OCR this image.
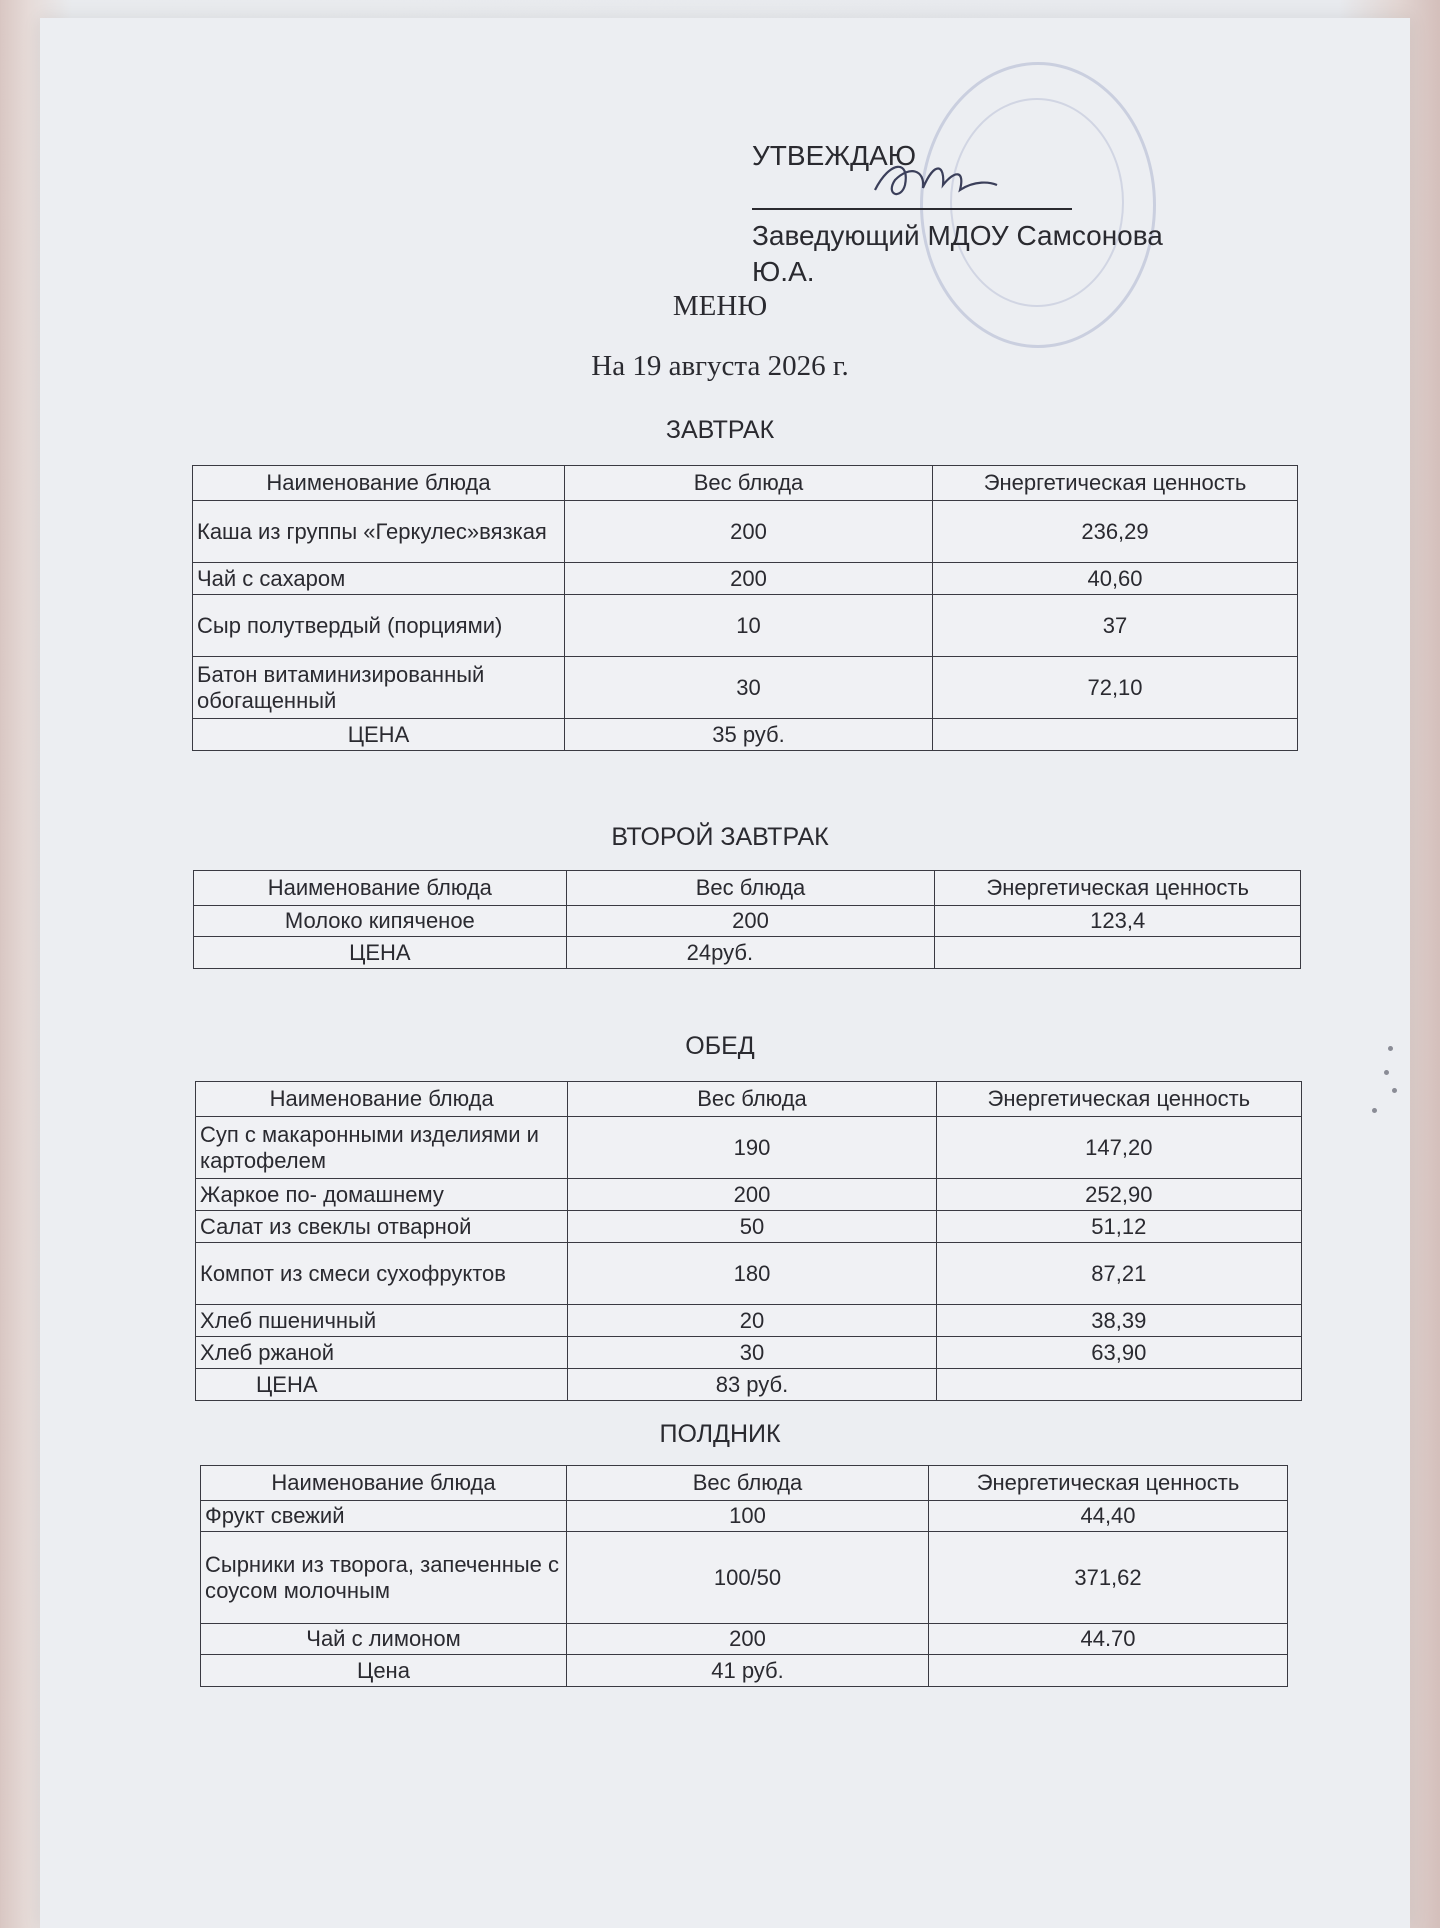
УТВЕЖДАЮ
Заведующий МДОУ Самсонова Ю.А.
МЕНЮ
На 19 августа 2026 г.
ЗАВТРАК
Наименование блюда	Вес блюда	Энергетическая ценность
Каша из группы «Геркулес»вязкая	200	236,29
Чай с сахаром	200	40,60
Сыр полутвердый (порциями)	10	37
Батон витаминизированный обогащенный	30	72,10
ЦЕНА	35 руб.	
ВТОРОЙ ЗАВТРАК
Наименование блюда	Вес блюда	Энергетическая ценность
Молоко кипяченое	200	123,4
ЦЕНА	24руб.	
ОБЕД
Наименование блюда	Вес блюда	Энергетическая ценность
Суп с макаронными изделиями и картофелем	190	147,20
Жаркое по- домашнему	200	252,90
Салат из свеклы отварной	50	51,12
Компот из смеси сухофруктов	180	87,21
Хлеб пшеничный	20	38,39
Хлеб ржаной	30	63,90
ЦЕНА	83 руб.	
ПОЛДНИК
Наименование блюда	Вес блюда	Энергетическая ценность
Фрукт свежий	100	44,40
Сырники из творога, запеченные с соусом молочным	100/50	371,62
Чай с лимоном	200	44.70
Цена	41 руб.	
